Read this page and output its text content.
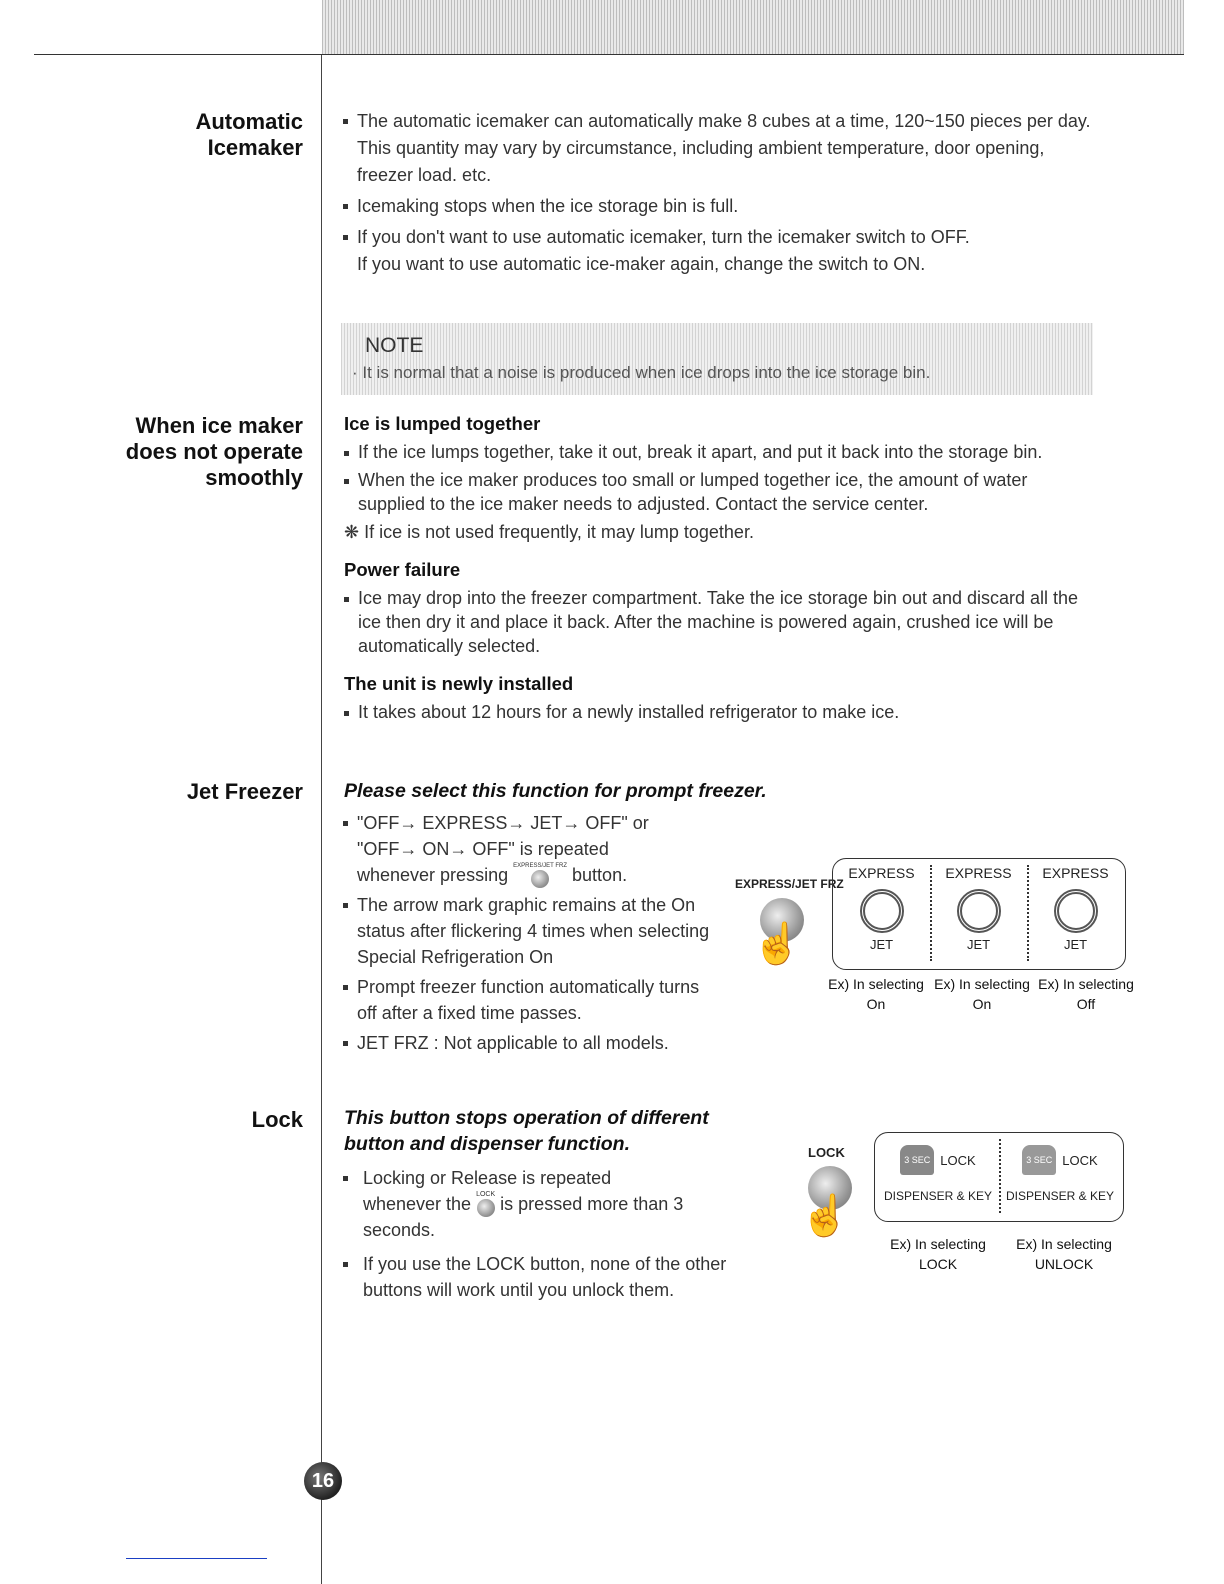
Automatic
Icemaker
The automatic icemaker can automatically make 8 cubes at a time, 120~150 pieces per day. This quantity may vary by circumstance, including ambient temperature, door opening, freezer load. etc.
Icemaking stops when the ice storage bin is full.
If you don't want to use automatic icemaker, turn the icemaker switch to OFF.
If you want to use automatic ice-maker again, change the switch to ON.
NOTE
· It is normal that a noise is produced when ice drops into the ice storage bin.
When ice maker
does not operate
smoothly
Ice is lumped together
If the ice lumps together, take it out, break it apart, and put it back into the storage bin.
When the ice maker produces too small or lumped together ice, the amount of water supplied to the ice maker needs to adjusted. Contact the service center.
❋ If ice is not used frequently, it may lump together.
Power failure
Ice may drop into the freezer compartment. Take the ice storage bin out and discard all the ice then dry it and place it back. After the machine is powered again, crushed ice will be automatically selected.
The unit is newly installed
It takes about 12 hours for a newly installed refrigerator to make ice.
Jet Freezer Please select this function for prompt freezer.
"OFF→ EXPRESS→ JET→ OFF" or
"OFF→ ON→ OFF" is repeated
whenever pressing EXPRESS/JET FRZ button.
The arrow mark graphic remains at the On status after flickering 4 times when selecting Special Refrigeration On
Prompt freezer function automatically turns off after a fixed time passes.
JET FRZ : Not applicable to all models.
EXPRESS/JET FRZ
☝
EXPRESS
JET
EXPRESS
JET
EXPRESS
JET
Ex) In selecting
On
Ex) In selecting
On
Ex) In selecting
Off
Lock This button stops operation of different button and dispenser function.
Locking or Release is repeated
whenever the LOCK is pressed more than 3
seconds.
If you use the LOCK button, none of the other buttons will work until you unlock them.
LOCK
☝
3 SEC LOCK
DISPENSER & KEY
3 SEC LOCK
DISPENSER & KEY
Ex) In selecting
LOCK
Ex) In selecting
UNLOCK
16
